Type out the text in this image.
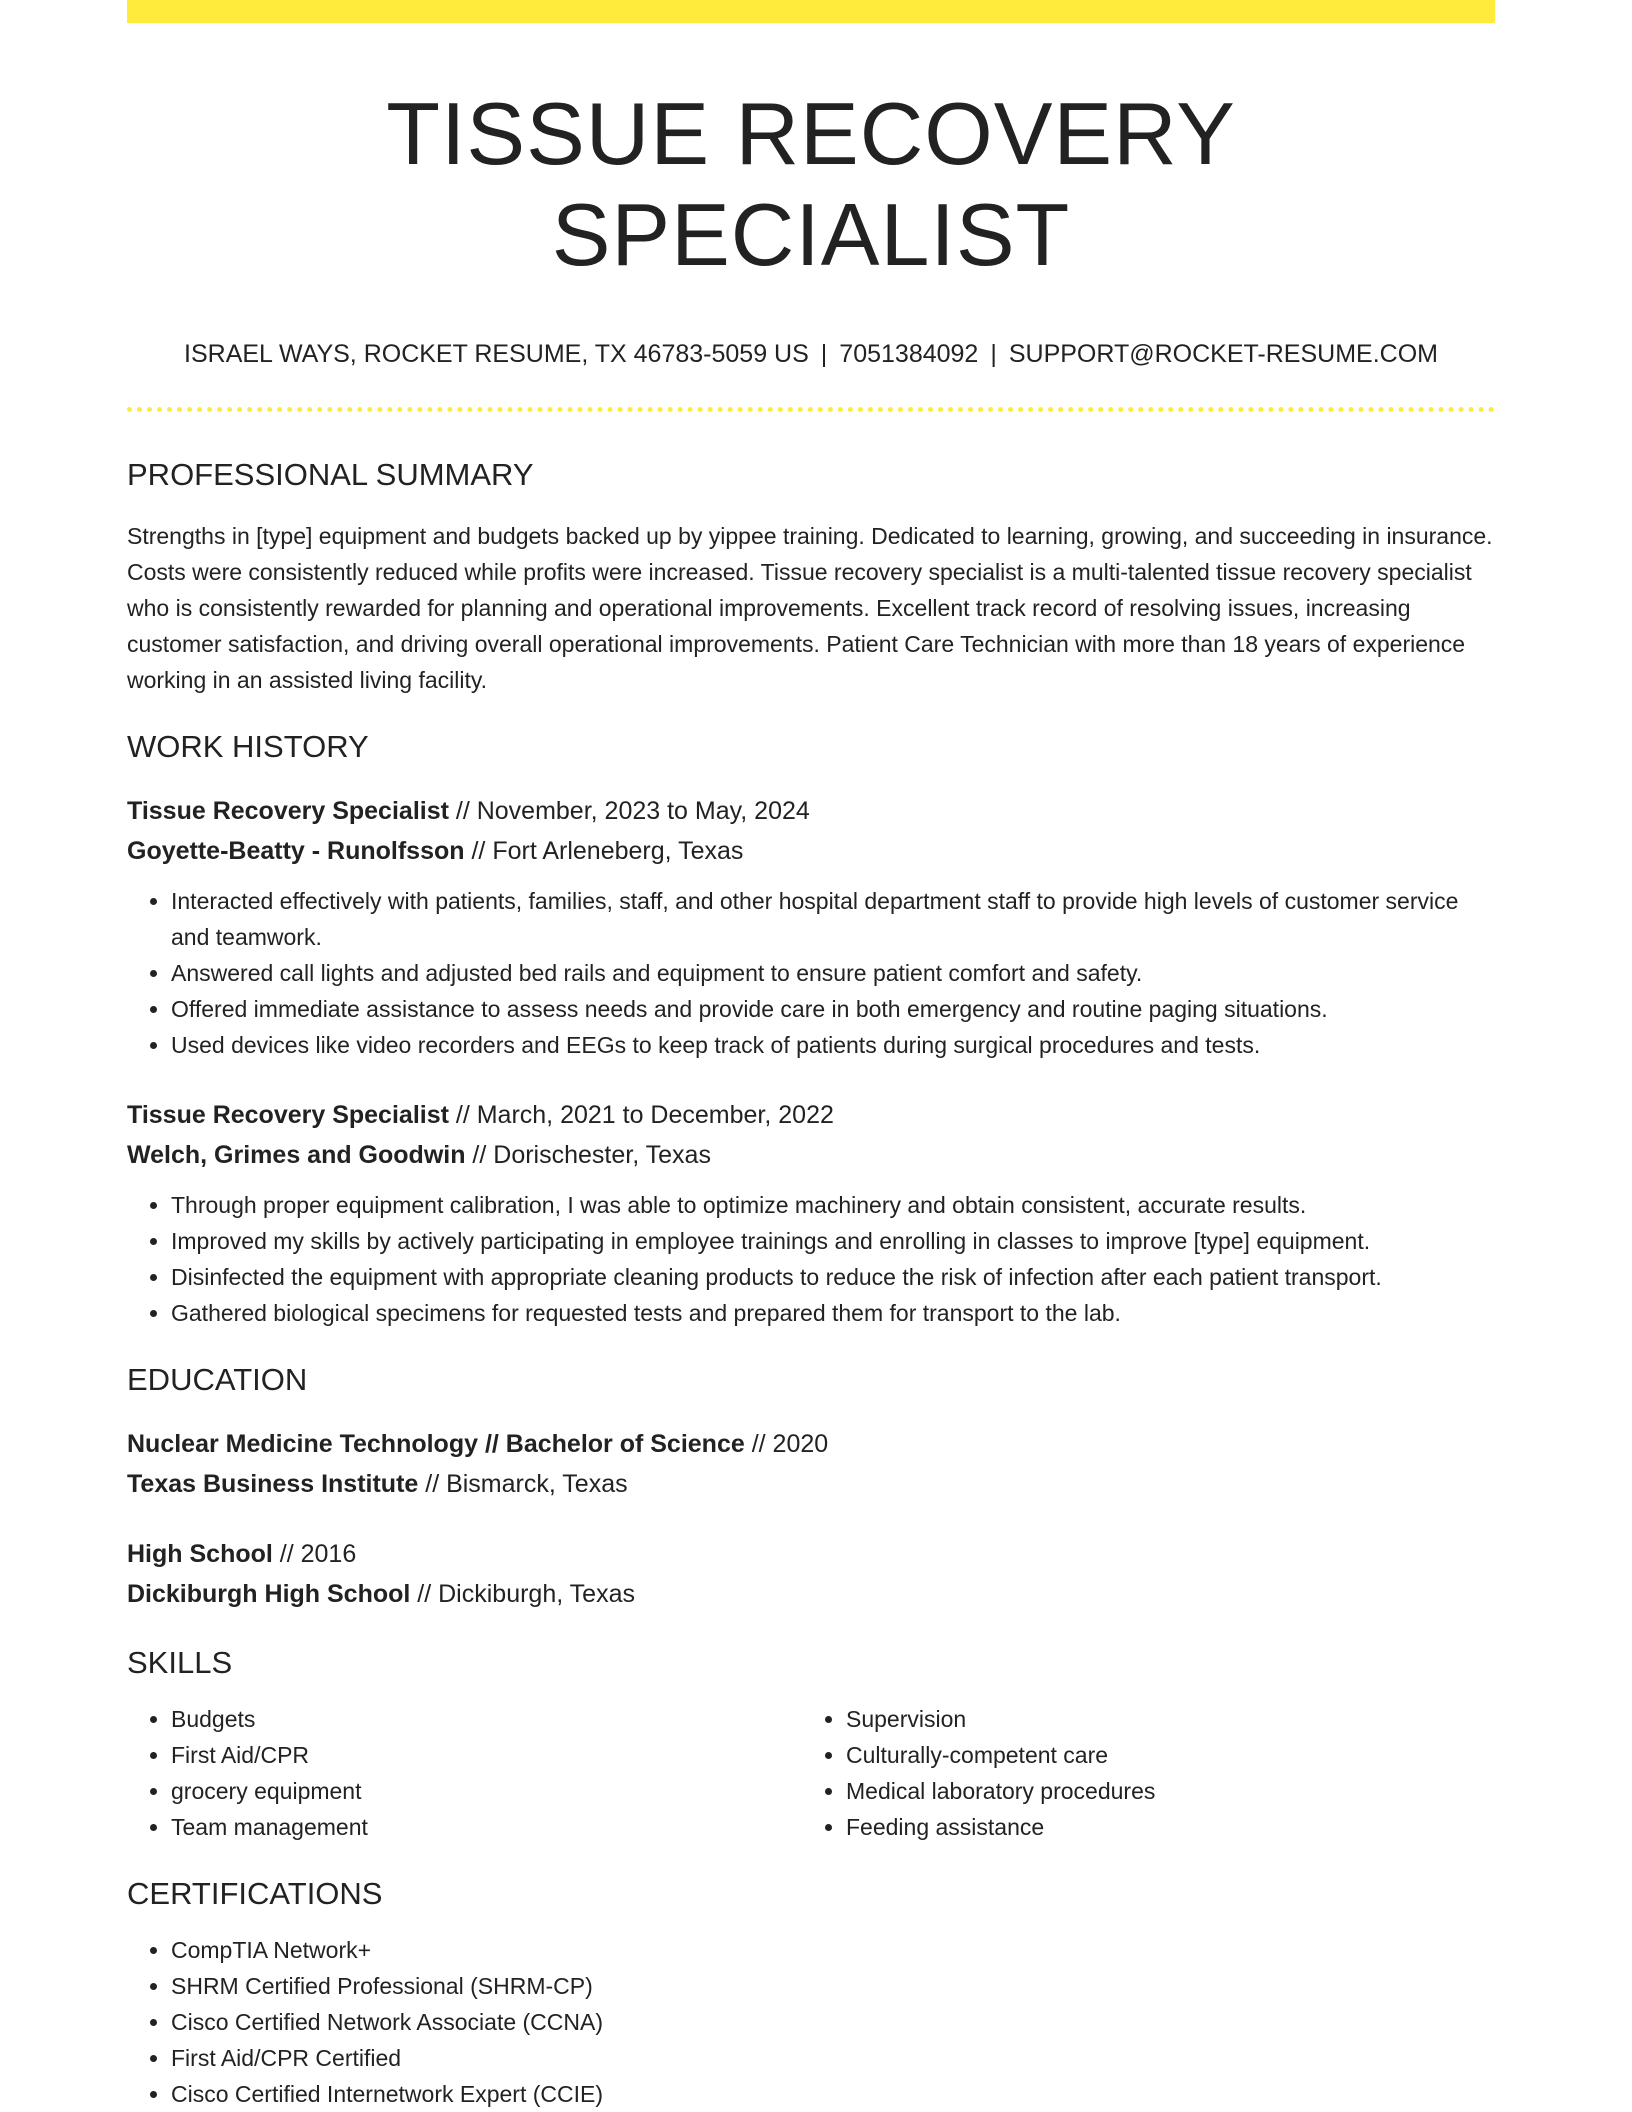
TISSUE RECOVERY SPECIALIST
ISRAEL WAYS, ROCKET RESUME, TX 46783-5059 US | 7051384092 | SUPPORT@ROCKET-RESUME.COM
PROFESSIONAL SUMMARY

Strengths in [type] equipment and budgets backed up by yippee training. Dedicated to learning, growing, and succeeding in insurance. Costs were consistently reduced while profits were increased. Tissue recovery specialist is a multi-talented tissue recovery specialist who is consistently rewarded for planning and operational improvements. Excellent track record of resolving issues, increasing customer satisfaction, and driving overall operational improvements. Patient Care Technician with more than 18 years of experience working in an assisted living facility.

WORK HISTORY
Tissue Recovery Specialist // November, 2023 to May, 2024
Goyette-Beatty - Runolfsson // Fort Arleneberg, Texas
• Interacted effectively with patients, families, staff, and other hospital department staff to provide high levels of customer service and teamwork.
• Answered call lights and adjusted bed rails and equipment to ensure patient comfort and safety.
• Offered immediate assistance to assess needs and provide care in both emergency and routine paging situations.
• Used devices like video recorders and EEGs to keep track of patients during surgical procedures and tests.
Tissue Recovery Specialist // March, 2021 to December, 2022
Welch, Grimes and Goodwin // Dorischester, Texas
• Through proper equipment calibration, I was able to optimize machinery and obtain consistent, accurate results.
• Improved my skills by actively participating in employee trainings and enrolling in classes to improve [type] equipment.
• Disinfected the equipment with appropriate cleaning products to reduce the risk of infection after each patient transport.
• Gathered biological specimens for requested tests and prepared them for transport to the lab.
EDUCATION
Nuclear Medicine Technology // Bachelor of Science // 2020
Texas Business Institute // Bismarck, Texas
High School // 2016
Dickiburgh High School // Dickiburgh, Texas
SKILLS
• Budgets
• First Aid/CPR
• grocery equipment
• Team management
• Supervision
• Culturally-competent care
• Medical laboratory procedures
• Feeding assistance
CERTIFICATIONS
• CompTIA Network+
• SHRM Certified Professional (SHRM-CP)
• Cisco Certified Network Associate (CCNA)
• First Aid/CPR Certified
• Cisco Certified Internetwork Expert (CCIE)
